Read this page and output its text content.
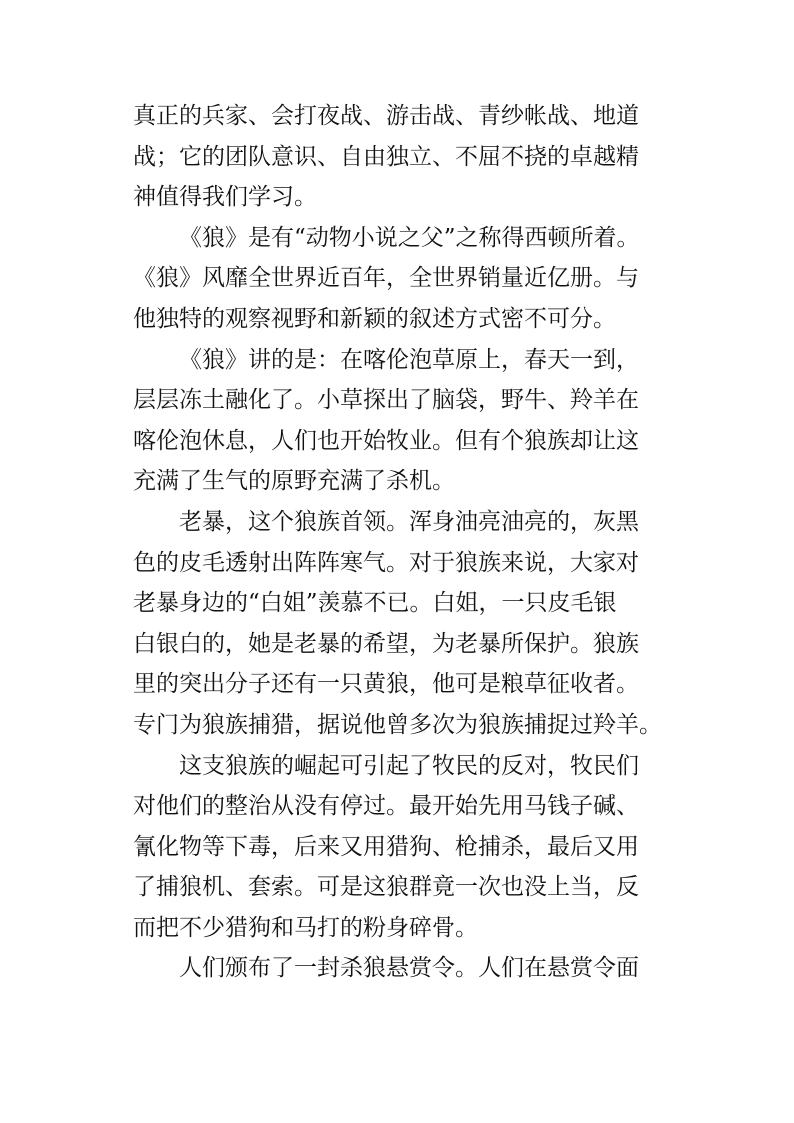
真正的兵家、会打夜战、游击战、青纱帐战、地道
战；它的团队意识、自由独立、不屈不挠的卓越精
神值得我们学习。
《狼》是有“动物小说之父”之称得西顿所着。
《狼》风靡全世界近百年，全世界销量近亿册。与
他独特的观察视野和新颖的叙述方式密不可分。
《狼》讲的是：在喀伦泡草原上，春天一到，
层层冻土融化了。小草探出了脑袋，野牛、羚羊在
喀伦泡休息，人们也开始牧业。但有个狼族却让这
充满了生气的原野充满了杀机。
老暴，这个狼族首领。浑身油亮油亮的，灰黑
色的皮毛透射出阵阵寒气。对于狼族来说，大家对
老暴身边的“白姐”羡慕不已。白姐，一只皮毛银
白银白的，她是老暴的希望，为老暴所保护。狼族
里的突出分子还有一只黄狼，他可是粮草征收者。
专门为狼族捕猎，据说他曾多次为狼族捕捉过羚羊。
这支狼族的崛起可引起了牧民的反对，牧民们
对他们的整治从没有停过。最开始先用马钱子碱、
氰化物等下毒，后来又用猎狗、枪捕杀，最后又用
了捕狼机、套索。可是这狼群竟一次也没上当，反
而把不少猎狗和马打的粉身碎骨。
人们颁布了一封杀狼悬赏令。人们在悬赏令面
